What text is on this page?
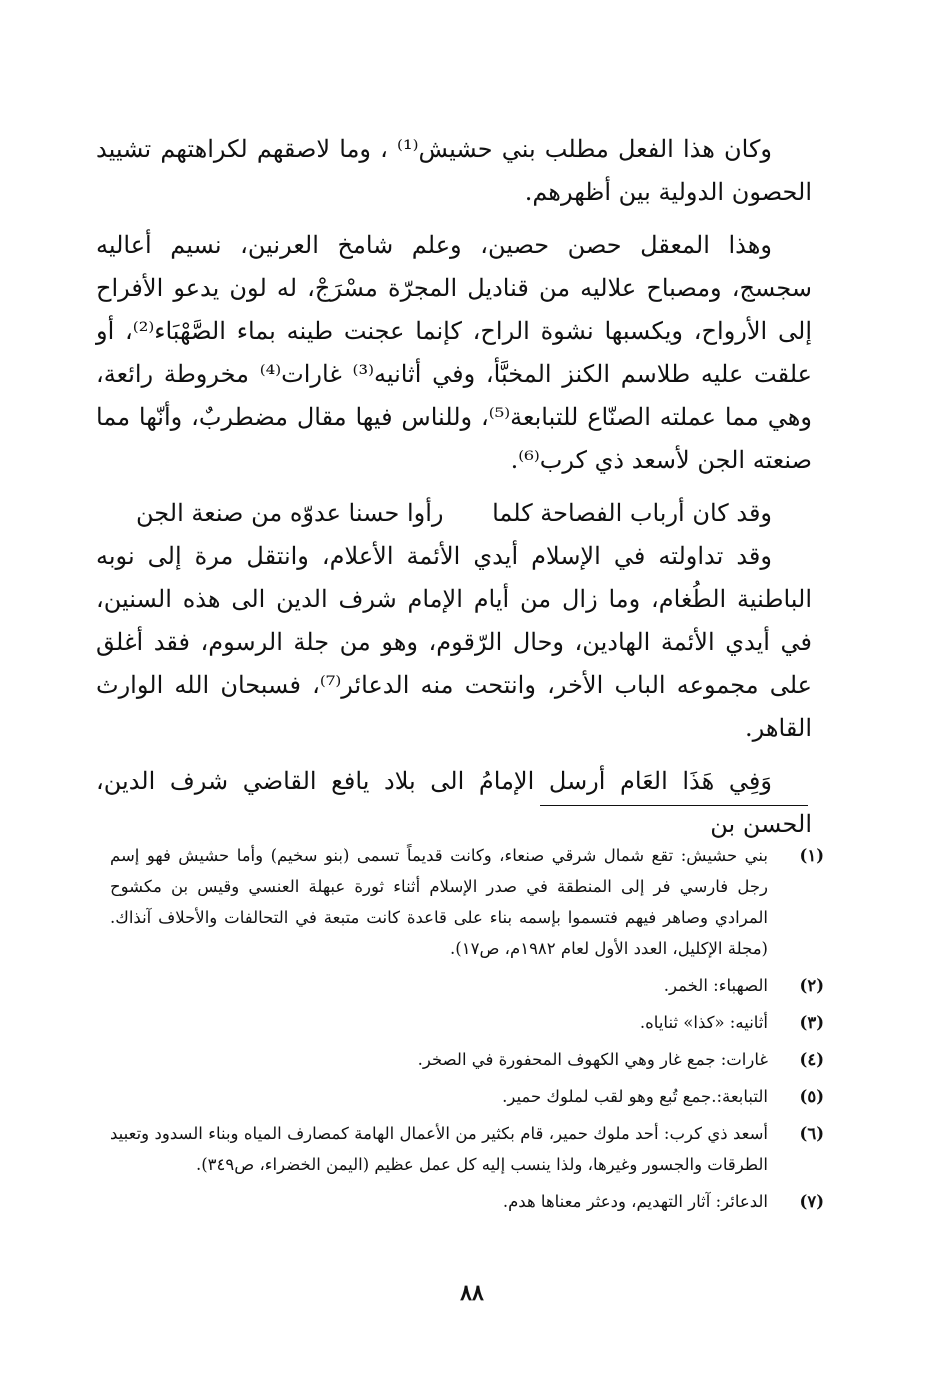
وكان هذا الفعل مطلب بني حشيش⁽¹⁾ ، وما لاصقهم لكراهتهم تشييد الحصون الدولية بين أظهرهم.

وهذا المعقل حصن حصين، وعلم شامخ العرنين، نسيم أعاليه سجسج، ومصباح علاليه من قناديل المجرّة مسْرَجْ، له لون يدعو الأفراح إلى الأرواح، ويكسبها نشوة الراح، كإنما عجنت طينه بماء الصَّهْبَاء⁽²⁾، أو علقت عليه طلاسم الكنز المخبَّأ، وفي أثانيه⁽³⁾ غارات⁽⁴⁾ مخروطة رائعة، وهي مما عملته الصنّاع للتبابعة⁽⁵⁾، وللناس فيها مقال مضطربٌ، وأنّها مما صنعته الجن لأسعد ذي كرب⁽⁶⁾.

وقد كان أرباب الفصاحة كلما
رأوا حسنا عدوّه من صنعة الجن

وقد تداولته في الإسلام أيدي الأئمة الأعلام، وانتقل مرة إلى نوبه الباطنية الطُغام، وما زال من أيام الإمام شرف الدين الى هذه السنين، في أيدي الأئمة الهادين، وحال الرّقوم، وهو من جلة الرسوم، فقد أغلق على مجموعه الباب الأخر، وانتحت منه الدعائر⁽⁷⁾، فسبحان الله الوارث القاهر.

وَفِي هَذَا العَام أرسل الإمامُ الى بلاد يافع القاضي شرف الدين، الحسن بن

(١)
بني حشيش: تقع شمال شرقي صنعاء، وكانت قديماً تسمى (بنو سخيم) وأما حشيش فهو إسم رجل فارسي فر إلى المنطقة في صدر الإسلام أثناء ثورة عبهلة العنسي وقيس بن مكشوح المرادي وصاهر فيهم فتسموا بإسمه بناء على قاعدة كانت متبعة في التحالفات والأحلاف آنذاك. (مجلة الإكليل، العدد الأول لعام ١٩٨٢م، ص١٧).
(٢)
الصهباء: الخمر.
(٣)
أثانيه: «كذا» ثناياه.
(٤)
غارات: جمع غار وهي الكهوف المحفورة في الصخر.
(٥)
التبابعة:.جمع تُبع وهو لقب لملوك حمير.
(٦)
أسعد ذي كرب: أحد ملوك حمير، قام بكثير من الأعمال الهامة كمصارف المياه وبناء السدود وتعبيد الطرقات والجسور وغيرها، ولذا ينسب إليه كل عمل عظيم (اليمن الخضراء، ص٣٤٩).
(٧)
الدعائر: آثار التهديم، ودعثر معناها هدم.
٨٨
